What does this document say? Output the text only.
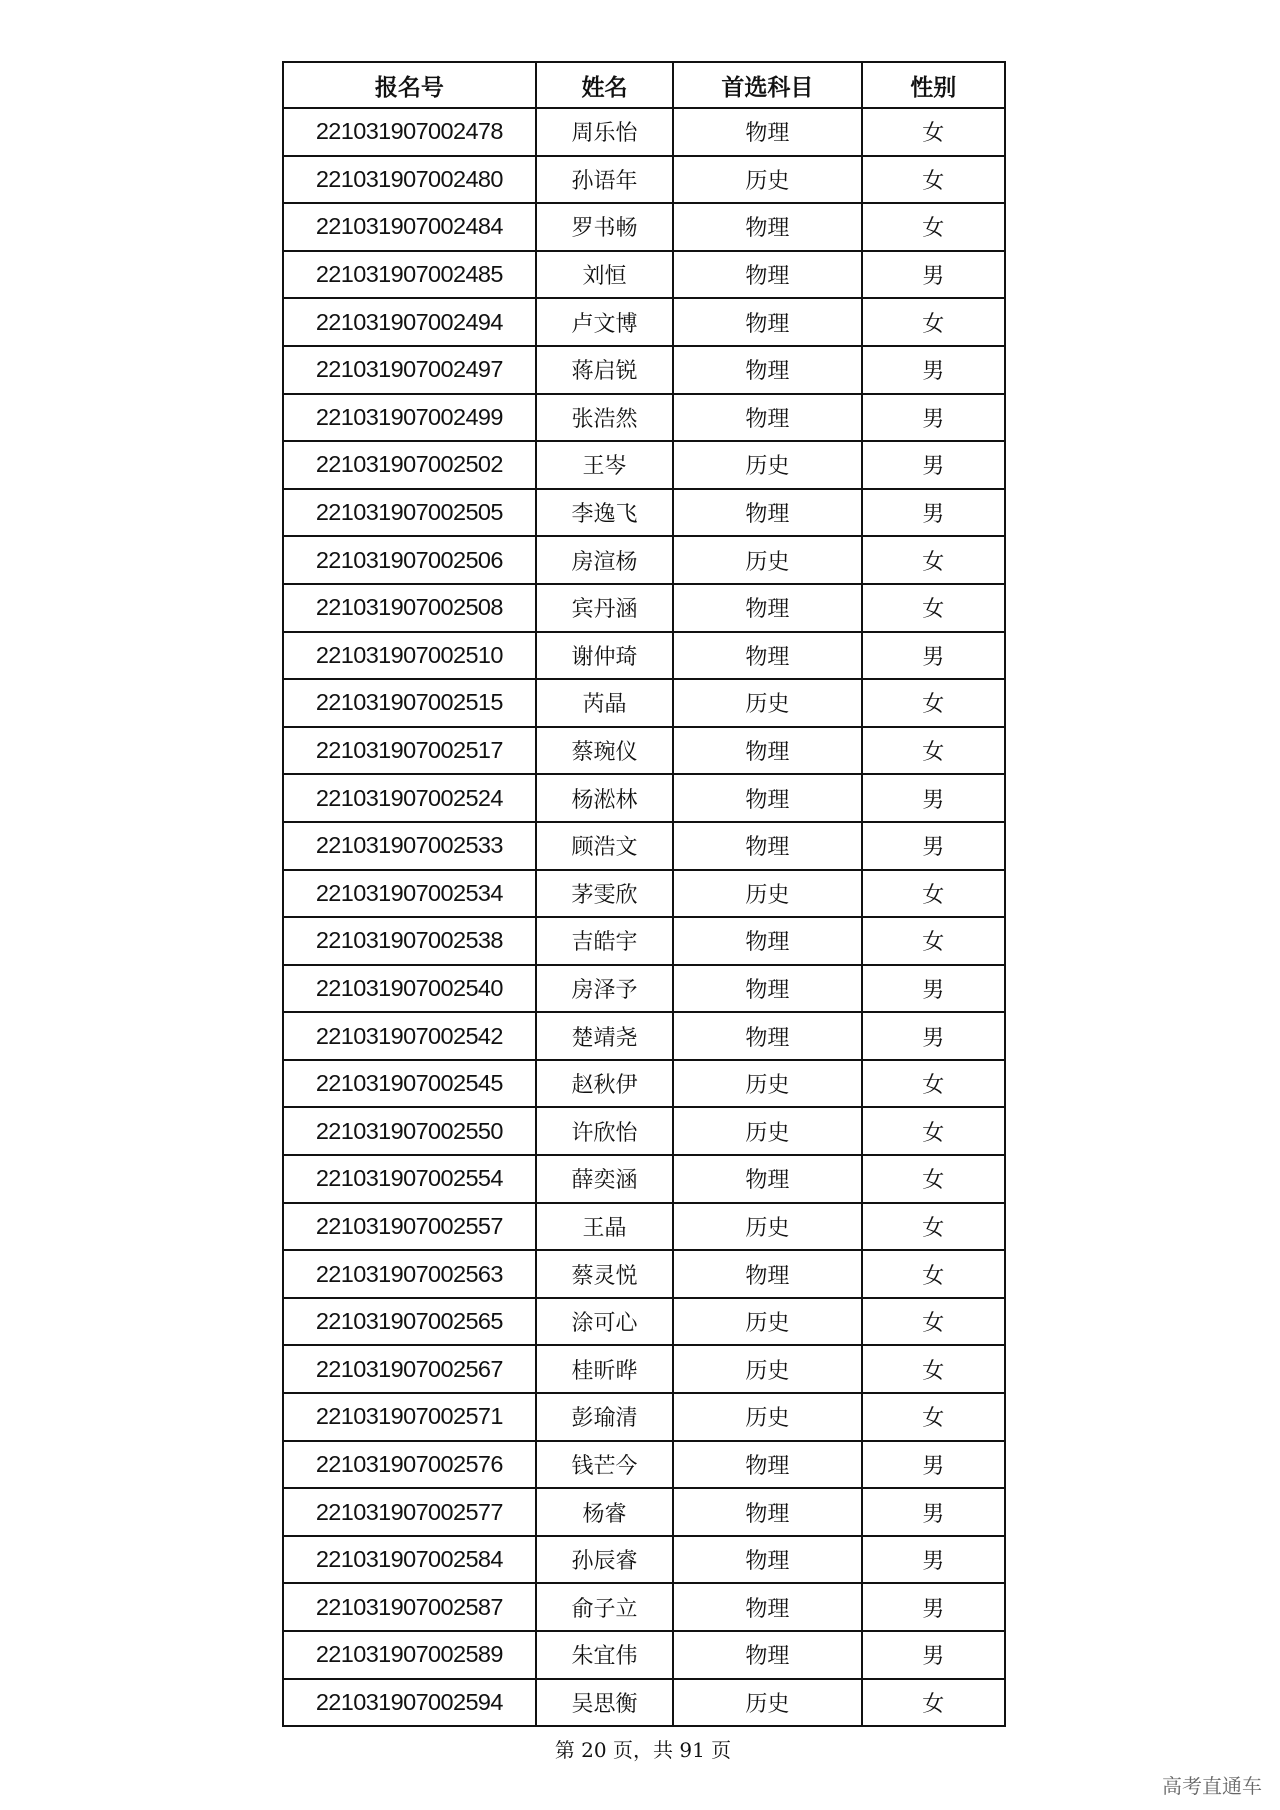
报名号	姓名	首选科目	性别
221031907002478	周乐怡	物理	女
221031907002480	孙语年	历史	女
221031907002484	罗书畅	物理	女
221031907002485	刘恒	物理	男
221031907002494	卢文博	物理	女
221031907002497	蒋启锐	物理	男
221031907002499	张浩然	物理	男
221031907002502	王岑	历史	男
221031907002505	李逸飞	物理	男
221031907002506	房渲杨	历史	女
221031907002508	宾丹涵	物理	女
221031907002510	谢仲琦	物理	男
221031907002515	芮晶	历史	女
221031907002517	蔡琬仪	物理	女
221031907002524	杨淞林	物理	男
221031907002533	顾浩文	物理	男
221031907002534	茅雯欣	历史	女
221031907002538	吉皓宇	物理	女
221031907002540	房泽予	物理	男
221031907002542	楚靖尧	物理	男
221031907002545	赵秋伊	历史	女
221031907002550	许欣怡	历史	女
221031907002554	薛奕涵	物理	女
221031907002557	王晶	历史	女
221031907002563	蔡灵悦	物理	女
221031907002565	涂可心	历史	女
221031907002567	桂昕晔	历史	女
221031907002571	彭瑜清	历史	女
221031907002576	钱芒今	物理	男
221031907002577	杨睿	物理	男
221031907002584	孙辰睿	物理	男
221031907002587	俞子立	物理	男
221031907002589	朱宜伟	物理	男
221031907002594	吴思衡	历史	女
第 20 页，共 91 页
高考直通车
